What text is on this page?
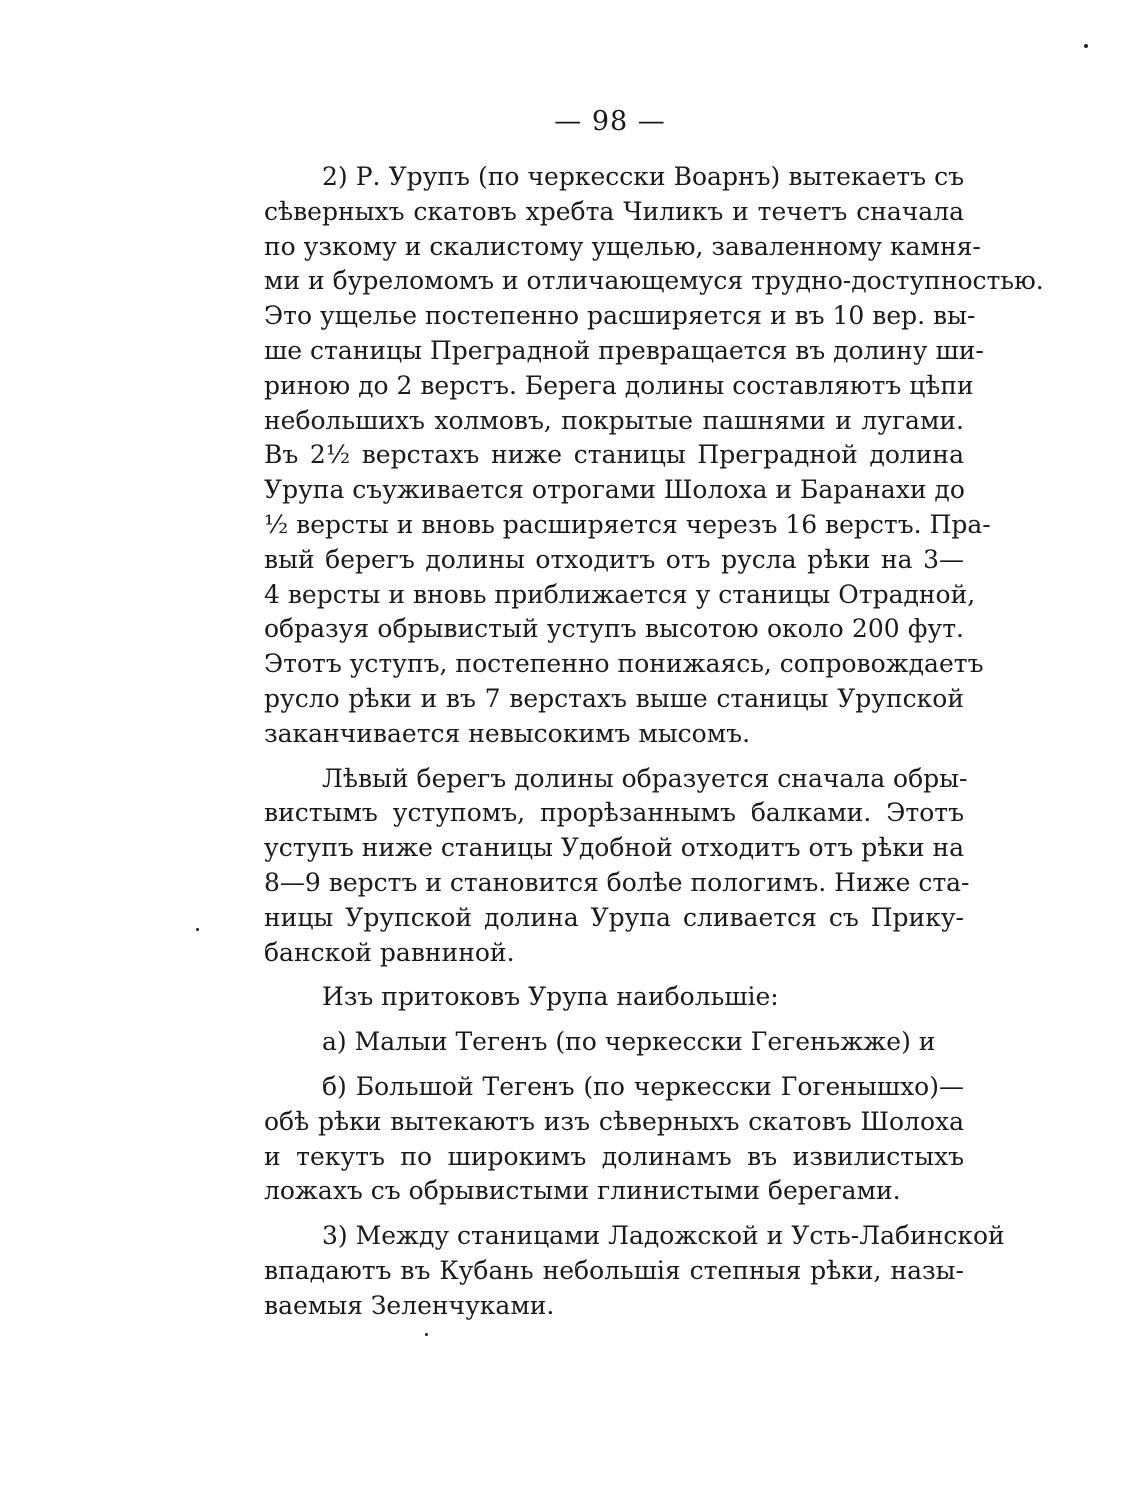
— 98 —
2) Р. Урупъ (по черкесски Воарнъ) вытекаетъ съ
сѣверныхъ скатовъ хребта Чиликъ и течетъ сначала
по узкому и скалистому ущелью, заваленному камня-
ми и буреломомъ и отличающемуся трудно-доступностью.
Это ущелье постепенно расширяется и въ 10 вер. вы-
ше станицы Преградной превращается въ долину ши-
риною до 2 верстъ. Берега долины составляютъ цѣпи
небольшихъ холмовъ, покрытые пашнями и лугами.
Въ 2½ верстахъ ниже станицы Преградной долина
Урупа съуживается отрогами Шолоха и Баранахи до
½ версты и вновь расширяется черезъ 16 верстъ. Пра-
вый берегъ долины отходитъ отъ русла рѣки на 3—
4 версты и вновь приближается у станицы Отрадной,
образуя обрывистый уступъ высотою около 200 фут.
Этотъ уступъ, постепенно понижаясь, сопровождаетъ
русло рѣки и въ 7 верстахъ выше станицы Урупской
заканчивается невысокимъ мысомъ.
Лѣвый берегъ долины образуется сначала обры-
вистымъ уступомъ, прорѣзаннымъ балками. Этотъ
уступъ ниже станицы Удобной отходитъ отъ рѣки на
8—9 верстъ и становится болѣе пологимъ. Ниже ста-
ницы Урупской долина Урупа сливается съ Прику-
банской равниной.
Изъ притоковъ Урупа наибольшіе:
а) Малыи Тегенъ (по черкесски Гегеньжже) и
б) Большой Тегенъ (по черкесски Гогенышхо)—
обѣ рѣки вытекаютъ изъ сѣверныхъ скатовъ Шолоха
и текутъ по широкимъ долинамъ въ извилистыхъ
ложахъ съ обрывистыми глинистыми берегами.
3) Между станицами Ладожской и Усть-Лабинской
впадаютъ въ Кубань небольшія степныя рѣки, назы-
ваемыя Зеленчуками.
